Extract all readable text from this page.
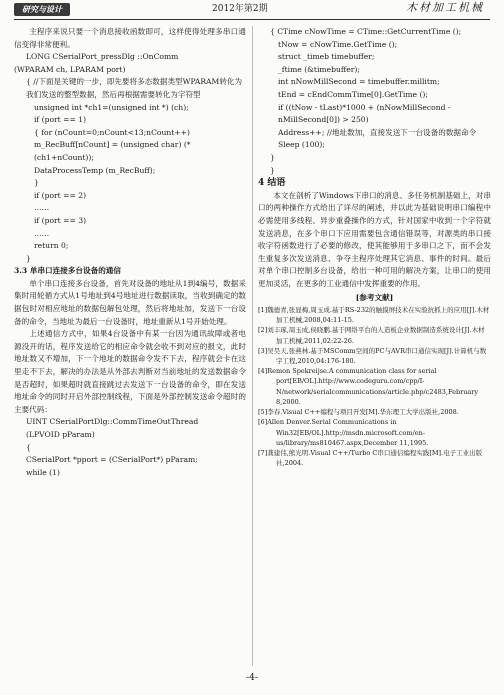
研究与设计	2012年第2期	木材加工机械

主程序来说只要一个消息接收函数即可，这样使得处理多串口通信变得非常便利。

LONG CSerialPort_pressDlg ::OnComm

(WPARAM ch, LPARAM port)

{ //下面是关键的一步，即先要将多态数据类型WPARAM转化为我们发送的整型数据，然后再根据需要转化为字符型

unsigned int *ch1=(unsigned int *) (ch);

if (port == 1)

{ for (nCount=0;nCount<13;nCount++)

m_RecBuff[nCount] = (unsigned char) (*(ch1+nCount));

DataProcessTemp (m_RecBuff);

}

if (port == 2)

……

if (port == 3)

……

return 0;

}

3.3 单串口连接多台设备的通信

单个串口连接多台设备，首先对设备的地址从1到4编号，数据采集时用轮循方式从1号地址到4号地址进行数据读取，当收到确定的数据包时对相应地址的数据包解包处理，然后将地址加，发送下一台设备的命令，当地址为最后一台设备时，地址重新从1号开始处理。

上述通信方式中，如果4台设备中有某一台因为通讯故障或者电源没开的话，程序发送给它的相应命令就会收不到对应的报文，此时地址数又不增加，下一个地址的数据命令发不下去，程序就会卡在这里走不下去，解决的办法是从外部去判断对当前地址的发送数据命令是否超时，如果超时就直接跳过去发送下一台设备的命令，即在发送地址命令的同时开启外部控制线程，下面是外部控制发送命令超时的主要代码：

UINT CSerialPortDlg::CommTimeOutThread

(LPVOID pParam)

{

CSerialPort *pport = (CSerialPort*) pParam;

while (1)

{ CTime cNowTime = CTime::GetCurrentTime ();

tNow = cNowTime.GetTime ();

struct _timeb timebuffer;

_ftime (&timebuffer);

int nNowMillSecond = timebuffer.millitm;

tEnd = cEndCommTime[0].GetTime ();

if ((tNow - tLast)*1000 + (nNowMillSecond - nMillSecond[0]) > 250)

Address++; //地址数加，直接发送下一台设备的数据命令

Sleep (100);

}

}

4 结语

本文在剖析了Windows下串口的消息、多任务机制基础上，对串口的两种操作方式给出了详尽的阐述，并以此为基础说明串口编程中必需使用多线程、异步重叠操作的方式，针对国家中收到一个字符就发送消息，在多个串口下应用需要包含通信错误等，对源类的串口接收字符函数进行了必要的修改，使其能够用于多串口之下，而不会发生重复多次发送消息、争夺主程序处理其它消息、事件的时间。最后对单个串口控制多台设备，给出一种可用的解决方案，让串口的使用更加灵活，在更多的工业通信中发挥重要的作用。

[参考文献]

[1]魏德青,张显梅,周玉成.基于RS-232的触摸屏技术在实验抗抓上的应用[J].木材加工机械,2008,04:11-15.

[2]刘丰琢,周玉成,侯晓鹏.基于网络平台的人造板企业数据制造系统设计[J].木材加工机械,2011,02:22-26.

[3]吴昊天,张燕林.基于MSComm空间的PC与AVR串口通信实现[J].计算机与数字工程,2010,04:176-180.

[4]Remon Spekreijse.A communication class for serial port[EB/OL].http://www.codeguru.com/cpp/I-N/network/serialcommunications/article.php/c2483,February 8,2000.

[5]李春.Visual C++编程与项目开发[M].华东理工大学出版社,2008.

[6]Allen Denver.Serial Communications in Win32[EB/OL].http://msdn.microsoft.com/en-us/library/ms810467.aspx,December 11,1995.

[7]龚建伟,熊光明.Visual C++/Turbo C串口通信编程实践[M].电子工业出版社,2004.

-4-
